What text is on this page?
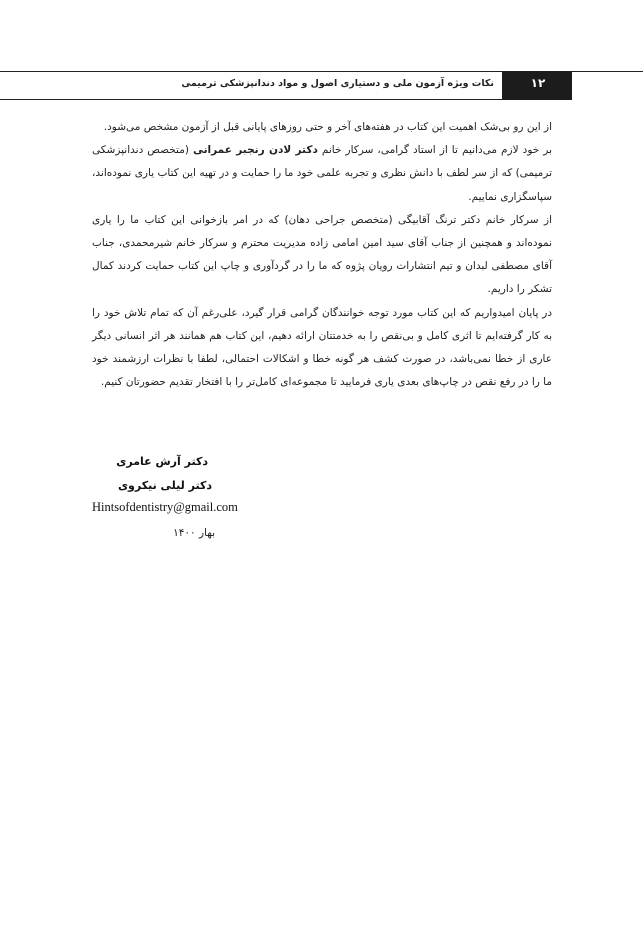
۱۲
نکات ویژه آزمون ملی و دستیاری اصول و مواد دندانپزشکی ترمیمی

از این رو بی‌شک اهمیت این کتاب در هفته‌های آخر و حتی روزهای پایانی قبل از آزمون مشخص می‌شود.

بر خود لازم می‌دانیم تا از استاد گرامی، سرکار خانم دکتر لادن رنجبر عمرانی (متخصص دندانپزشکی ترمیمی) که از سر لطف با دانش نظری و تجربه علمی خود ما را حمایت و در تهیه این کتاب یاری نموده‌اند، سپاسگزاری نماییم.

از سرکار خانم دکتر ترنگ آقابیگی (متخصص جراحی دهان) که در امر بازخوانی این کتاب ما را یاری نموده‌اند و همچنین از جناب آقای سید امین امامی زاده مدیریت محترم و سرکار خانم شیرمحمدی، جناب آقای مصطفی لبدان و تیم انتشارات رویان پژوه که ما را در گردآوری و چاپ این کتاب حمایت کردند کمال تشکر را داریم.

در پایان امیدواریم که این کتاب مورد توجه خوانندگان گرامی قرار گیرد، علی‌رغم آن که تمام تلاش خود را به کار گرفته‌ایم تا اثری کامل و بی‌نقص را به خدمتتان ارائه دهیم، این کتاب هم همانند هر اثر انسانی دیگر عاری از خطا نمی‌باشد، در صورت کشف هر گونه خطا و اشکالات احتمالی، لطفا با نظرات ارزشمند خود ما را در رفع نقص در چاپ‌های بعدی یاری فرمایید تا مجموعه‌ای کامل‌تر را با افتخار تقدیم حضورتان کنیم.

دکتر آرش عامری
دکتر لیلی نیکروی
Hintsofdentistry@gmail.com
بهار ۱۴۰۰
